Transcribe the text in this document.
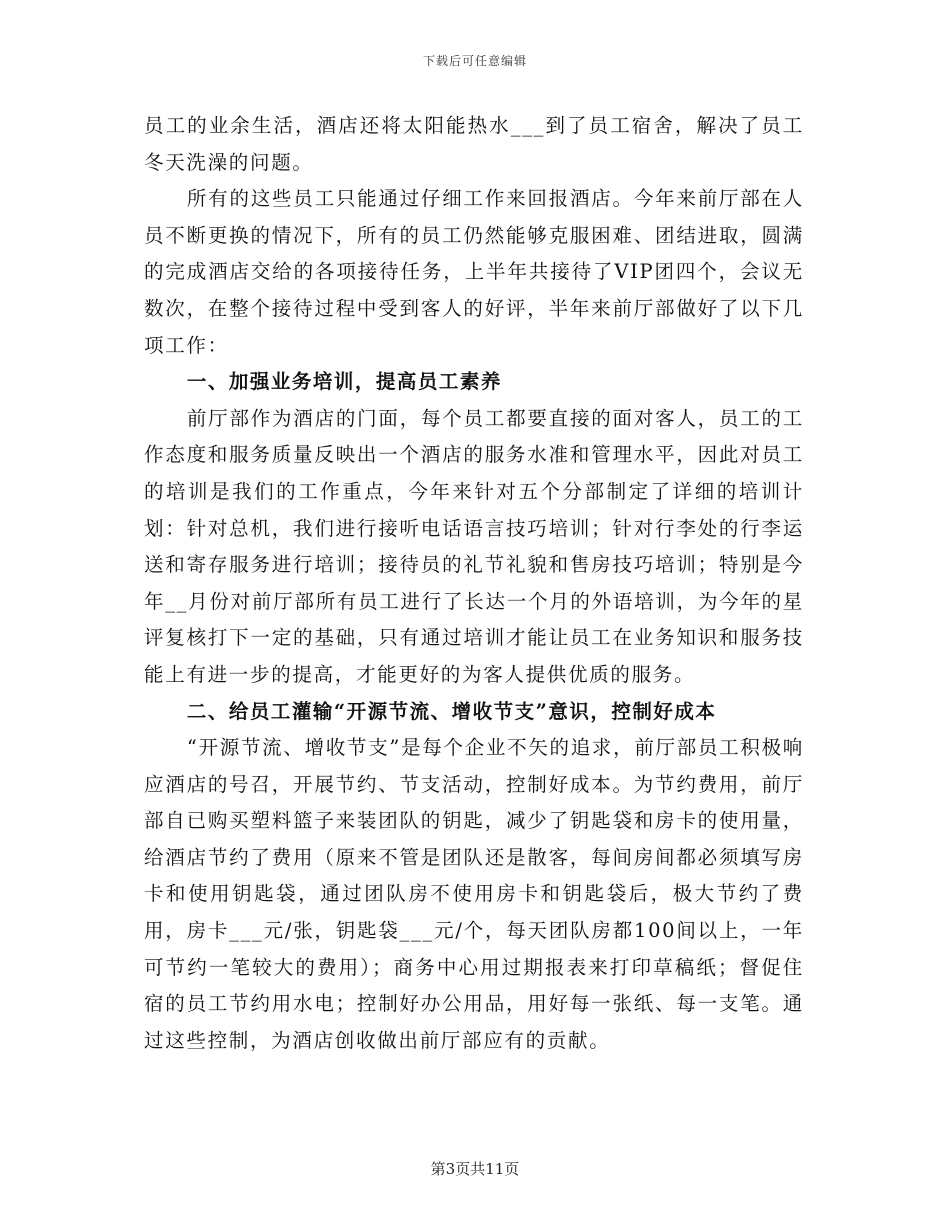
下载后可任意编辑

员工的业余生活，酒店还将太阳能热水___到了员工宿舍，解决了员工冬天洗澡的问题。

所有的这些员工只能通过仔细工作来回报酒店。今年来前厅部在人员不断更换的情况下，所有的员工仍然能够克服困难、团结进取，圆满的完成酒店交给的各项接待任务，上半年共接待了VIP团四个，会议无数次，在整个接待过程中受到客人的好评，半年来前厅部做好了以下几项工作：

一、加强业务培训，提高员工素养

前厅部作为酒店的门面，每个员工都要直接的面对客人，员工的工作态度和服务质量反映出一个酒店的服务水准和管理水平，因此对员工的培训是我们的工作重点，今年来针对五个分部制定了详细的培训计划：针对总机，我们进行接听电话语言技巧培训；针对行李处的行李运送和寄存服务进行培训；接待员的礼节礼貌和售房技巧培训；特别是今年__月份对前厅部所有员工进行了长达一个月的外语培训，为今年的星评复核打下一定的基础，只有通过培训才能让员工在业务知识和服务技能上有进一步的提高，才能更好的为客人提供优质的服务。

二、给员工灌输“开源节流、增收节支”意识，控制好成本

“开源节流、增收节支”是每个企业不矢的追求，前厅部员工积极响应酒店的号召，开展节约、节支活动，控制好成本。为节约费用，前厅部自已购买塑料篮子来装团队的钥匙，减少了钥匙袋和房卡的使用量，给酒店节约了费用（原来不管是团队还是散客，每间房间都必须填写房卡和使用钥匙袋，通过团队房不使用房卡和钥匙袋后，极大节约了费用，房卡___元/张，钥匙袋___元/个，每天团队房都100间以上，一年可节约一笔较大的费用）；商务中心用过期报表来打印草稿纸；督促住宿的员工节约用水电；控制好办公用品，用好每一张纸、每一支笔。通过这些控制，为酒店创收做出前厅部应有的贡献。

第3页共11页
